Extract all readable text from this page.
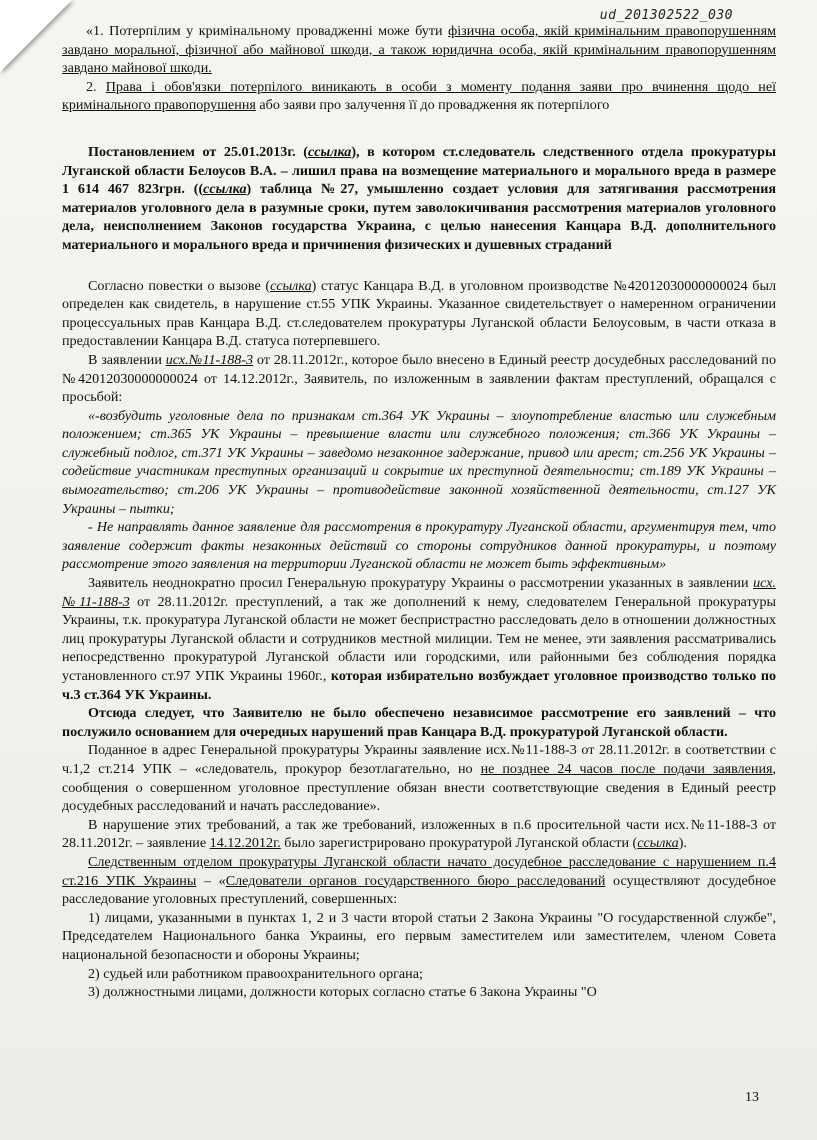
ud_201302522_030

«1. Потерпілим у кримінальному провадженні може бути фізична особа, якій кримінальним правопорушенням завдано моральної, фізичної або майнової шкоди, а також юридична особа, якій кримінальним правопорушенням завдано майнової шкоди.

2. Права і обов'язки потерпілого виникають в особи з моменту подання заяви про вчинення щодо неї кримінального правопорушення або заяви про залучення її до провадження як потерпілого

Постановлением от 25.01.2013г. (ссылка), в котором ст.следователь следственного отдела прокуратуры Луганской области Белоусов В.А. – лишил права на возмещение материального и морального вреда в размере 1 614 467 823грн. ((ссылка) таблица №27, умышленно создает условия для затягивания рассмотрения материалов уголовного дела в разумные сроки, путем заволокичивания рассмотрения материалов уголовного дела, неисполнением Законов государства Украина, с целью нанесения Канцара В.Д. дополнительного материального и морального вреда и причинения физических и душевных страданий

Согласно повестки о вызове (ссылка) статус Канцара В.Д. в уголовном производстве №42012030000000024 был определен как свидетель, в нарушение ст.55 УПК Украины. Указанное свидетельствует о намеренном ограничении процессуальных прав Канцара В.Д. ст.следователем прокуратуры Луганской области Белоусовым, в части отказа в предоставлении Канцара В.Д. статуса потерпевшего.

В заявлении исх.№11-188-3 от 28.11.2012г., которое было внесено в Единый реестр досудебных расследований по №42012030000000024 от 14.12.2012г., Заявитель, по изложенным в заявлении фактам преступлений, обращался с просьбой:

«-возбудить уголовные дела по признакам ст.364 УК Украины – злоупотребление властью или служебным положением; ст.365 УК Украины – превышение власти или служебного положения; ст.366 УК Украины – служебный подлог, ст.371 УК Украины – заведомо незаконное задержание, привод или арест; ст.256 УК Украины – содействие участникам преступных организаций и сокрытие их преступной деятельности; ст.189 УК Украины – вымогательство; ст.206 УК Украины – противодействие законной хозяйственной деятельности, ст.127 УК Украины – пытки;

- Не направлять данное заявление для рассмотрения в прокуратуру Луганской области, аргументируя тем, что заявление содержит факты незаконных действий со стороны сотрудников данной прокуратуры, и поэтому рассмотрение этого заявления на территории Луганской области не может быть эффективным»

Заявитель неоднократно просил Генеральную прокуратуру Украины о рассмотрении указанных в заявлении исх.№11-188-3 от 28.11.2012г. преступлений, а так же дополнений к нему, следователем Генеральной прокуратуры Украины, т.к. прокуратура Луганской области не может беспристрастно расследовать дело в отношении должностных лиц прокуратуры Луганской области и сотрудников местной милиции. Тем не менее, эти заявления рассматривались непосредственно прокуратурой Луганской области или городскими, или районными без соблюдения порядка установленного ст.97 УПК Украины 1960г., которая избирательно возбуждает уголовное производство только по ч.3 ст.364 УК Украины.

Отсюда следует, что Заявителю не было обеспечено независимое рассмотрение его заявлений – что послужило основанием для очередных нарушений прав Канцара В.Д. прокуратурой Луганской области.

Поданное в адрес Генеральной прокуратуры Украины заявление исх.№11-188-3 от 28.11.2012г. в соответствии с ч.1,2 ст.214 УПК – «следователь, прокурор безотлагательно, но не позднее 24 часов после подачи заявления, сообщения о совершенном уголовное преступление обязан внести соответствующие сведения в Единый реестр досудебных расследований и начать расследование».

В нарушение этих требований, а так же требований, изложенных в п.6 просительной части исх.№11-188-3 от 28.11.2012г. – заявление 14.12.2012г. было зарегистрировано прокуратурой Луганской области (ссылка).

Следственным отделом прокуратуры Луганской области начато досудебное расследование с нарушением п.4 ст.216 УПК Украины – «Следователи органов государственного бюро расследований осуществляют досудебное расследование уголовных преступлений, совершенных:

1) лицами, указанными в пунктах 1, 2 и 3 части второй статьи 2 Закона Украины "О государственной службе", Председателем Национального банка Украины, его первым заместителем или заместителем, членом Совета национальной безопасности и обороны Украины;

2) судьей или работником правоохранительного органа;

3) должностными лицами, должности которых согласно статье 6 Закона Украины "О

13
